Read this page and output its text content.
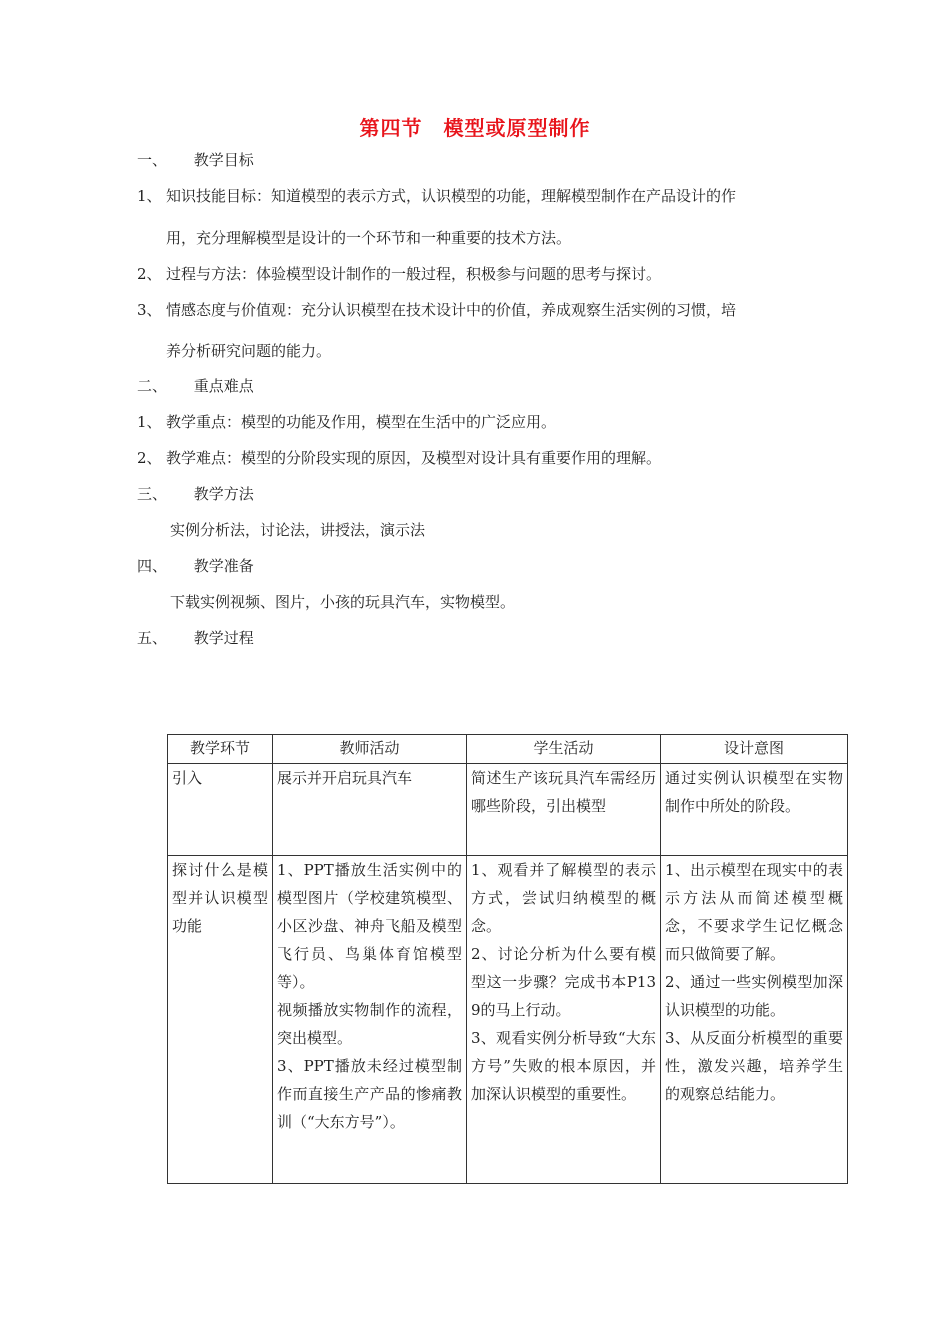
第四节　模型或原型制作
一、 教学目标
1、 知识技能目标：知道模型的表示方式，认识模型的功能，理解模型制作在产品设计的作
用，充分理解模型是设计的一个环节和一种重要的技术方法。
2、 过程与方法：体验模型设计制作的一般过程，积极参与问题的思考与探讨。
3、 情感态度与价值观：充分认识模型在技术设计中的价值，养成观察生活实例的习惯，培
养分析研究问题的能力。
二、 重点难点
1、 教学重点：模型的功能及作用，模型在生活中的广泛应用。
2、 教学难点：模型的分阶段实现的原因，及模型对设计具有重要作用的理解。
三、 教学方法
实例分析法，讨论法，讲授法，演示法
四、 教学准备
下载实例视频、图片，小孩的玩具汽车，实物模型。
五、 教学过程
教学环节	教师活动	学生活动	设计意图
引入	展示并开启玩具汽车	简述生产该玩具汽车需经历哪些阶段，引出模型	通过实例认识模型在实物制作中所处的阶段。
探讨什么是模型并认识模型功能	1、PPT播放生活实例中的模型图片（学校建筑模型、小区沙盘、神舟飞船及模型飞行员、鸟巢体育馆模型等）。
视频播放实物制作的流程，突出模型。
3、PPT播放未经过模型制作而直接生产产品的惨痛教训（“大东方号”）。	1、观看并了解模型的表示方式，尝试归纳模型的概念。
2、讨论分析为什么要有模型这一步骤？完成书本P139的马上行动。
3、观看实例分析导致“大东方号”失败的根本原因，并加深认识模型的重要性。	1、出示模型在现实中的表示方法从而简述模型概念，不要求学生记忆概念而只做简要了解。
2、通过一些实例模型加深认识模型的功能。
3、从反面分析模型的重要性，激发兴趣，培养学生的观察总结能力。
